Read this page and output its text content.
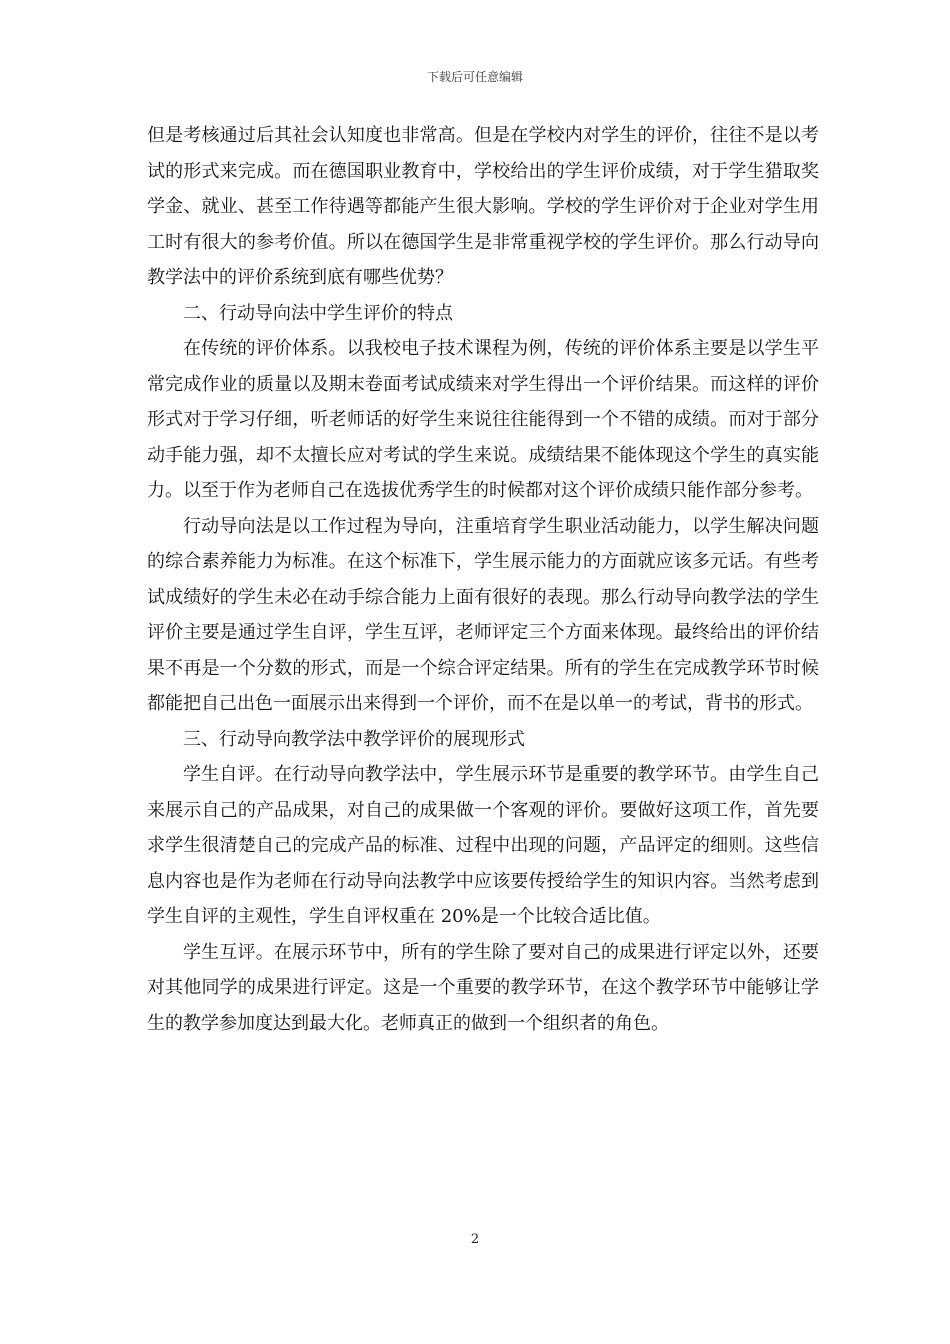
下载后可任意编辑

但是考核通过后其社会认知度也非常高。但是在学校内对学生的评价，往往不是以考试的形式来完成。而在德国职业教育中，学校给出的学生评价成绩，对于学生猎取奖学金、就业、甚至工作待遇等都能产生很大影响。学校的学生评价对于企业对学生用工时有很大的参考价值。所以在德国学生是非常重视学校的学生评价。那么行动导向教学法中的评价系统到底有哪些优势？

二、行动导向法中学生评价的特点

在传统的评价体系。以我校电子技术课程为例，传统的评价体系主要是以学生平常完成作业的质量以及期末卷面考试成绩来对学生得出一个评价结果。而这样的评价形式对于学习仔细，听老师话的好学生来说往往能得到一个不错的成绩。而对于部分动手能力强，却不太擅长应对考试的学生来说。成绩结果不能体现这个学生的真实能力。以至于作为老师自己在选拔优秀学生的时候都对这个评价成绩只能作部分参考。

行动导向法是以工作过程为导向，注重培育学生职业活动能力，以学生解决问题的综合素养能力为标准。在这个标准下，学生展示能力的方面就应该多元话。有些考试成绩好的学生未必在动手综合能力上面有很好的表现。那么行动导向教学法的学生评价主要是通过学生自评，学生互评，老师评定三个方面来体现。最终给出的评价结果不再是一个分数的形式，而是一个综合评定结果。所有的学生在完成教学环节时候都能把自己出色一面展示出来得到一个评价，而不在是以单一的考试，背书的形式。

三、行动导向教学法中教学评价的展现形式

学生自评。在行动导向教学法中，学生展示环节是重要的教学环节。由学生自己来展示自己的产品成果，对自己的成果做一个客观的评价。要做好这项工作，首先要求学生很清楚自己的完成产品的标准、过程中出现的问题，产品评定的细则。这些信息内容也是作为老师在行动导向法教学中应该要传授给学生的知识内容。当然考虑到学生自评的主观性，学生自评权重在 20%是一个比较合适比值。

学生互评。在展示环节中，所有的学生除了要对自己的成果进行评定以外，还要对其他同学的成果进行评定。这是一个重要的教学环节，在这个教学环节中能够让学生的教学参加度达到最大化。老师真正的做到一个组织者的角色。

2
